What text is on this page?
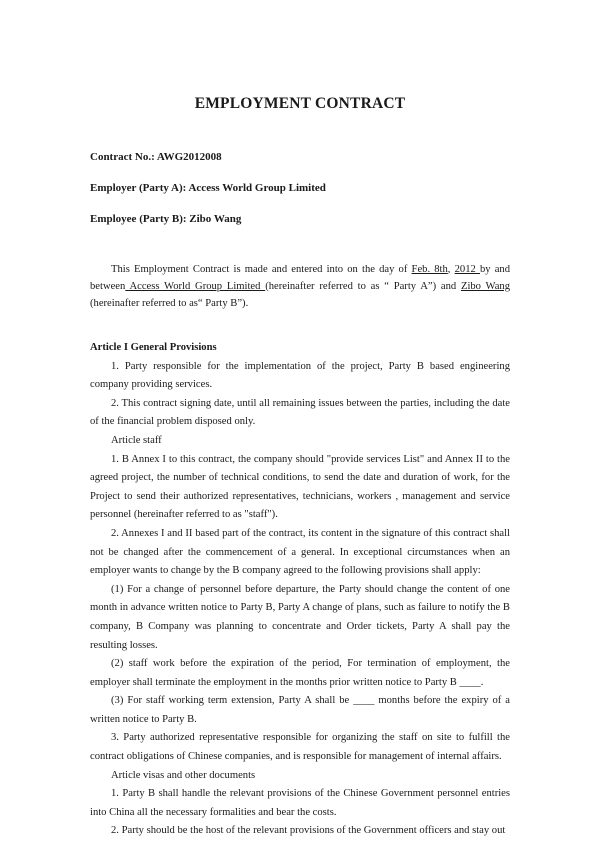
EMPLOYMENT CONTRACT

Contract No.: AWG2012008

Employer (Party A): Access World Group Limited

Employee (Party B): Zibo Wang

This Employment Contract is made and entered into on the day of Feb. 8th, 2012 by and between Access World Group Limited (hereinafter referred to as “ Party A”) and Zibo Wang (hereinafter referred to as“ Party B”).

Article I General Provisions

1. Party responsible for the implementation of the project, Party B based engineering company providing services.

2. This contract signing date, until all remaining issues between the parties, including the date of the financial problem disposed only.

Article staff

1. B Annex I to this contract, the company should "provide services List" and Annex II to the agreed project, the number of technical conditions, to send the date and duration of work, for the Project to send their authorized representatives, technicians, workers , management and service personnel (hereinafter referred to as "staff").

2. Annexes I and II based part of the contract, its content in the signature of this contract shall not be changed after the commencement of a general. In exceptional circumstances when an employer wants to change by the B company agreed to the following provisions shall apply:

(1) For a change of personnel before departure, the Party should change the content of one month in advance written notice to Party B, Party A change of plans, such as failure to notify the B company, B Company was planning to concentrate and Order tickets, Party A shall pay the resulting losses.

(2) staff work before the expiration of the period, For termination of employment, the employer shall terminate the employment in the months prior written notice to Party B ____.

(3) For staff working term extension, Party A shall be ____ months before the expiry of a written notice to Party B.

3. Party authorized representative responsible for organizing the staff on site to fulfill the contract obligations of Chinese companies, and is responsible for management of internal affairs.

Article visas and other documents

1. Party B shall handle the relevant provisions of the Chinese Government personnel entries into China all the necessary formalities and bear the costs.

2. Party should be the host of the relevant provisions of the Government officers and stay out
